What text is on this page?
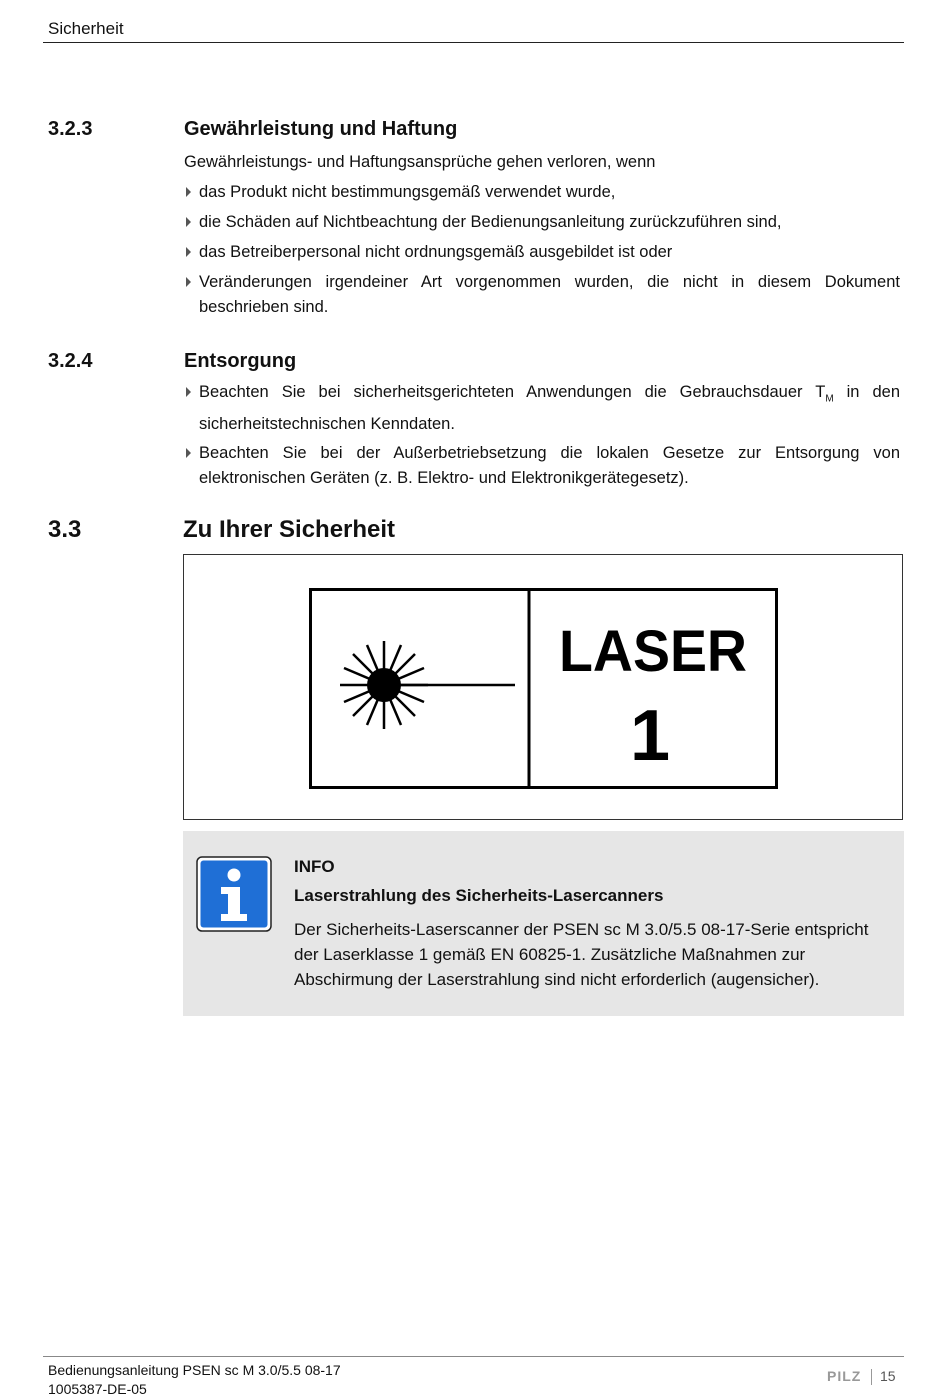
Sicherheit
3.2.3	Gewährleistung und Haftung
Gewährleistungs- und Haftungsansprüche gehen verloren, wenn
das Produkt nicht bestimmungsgemäß verwendet wurde,
die Schäden auf Nichtbeachtung der Bedienungsanleitung zurückzuführen sind,
das Betreiberpersonal nicht ordnungsgemäß ausgebildet ist oder
Veränderungen irgendeiner Art vorgenommen wurden, die nicht in diesem Dokument beschrieben sind.
3.2.4	Entsorgung
Beachten Sie bei sicherheitsgerichteten Anwendungen die Gebrauchsdauer $T_M$ in den sicherheitstechnischen Kenndaten.
Beachten Sie bei der Außerbetriebsetzung die lokalen Gesetze zur Entsorgung von elektronischen Geräten (z. B. Elektro- und Elektronikgerätegesetz).
3.3	Zu Ihrer Sicherheit
LASER
1
INFO
Laserstrahlung des Sicherheits-Lasercanners
Der Sicherheits-Laserscanner der PSEN sc M 3.0/5.5 08-17-Serie entspricht der Laserklasse 1 gemäß EN 60825-1. Zusätzliche Maßnahmen zur Abschirmung der Laserstrahlung sind nicht erforderlich (augensicher).
Bedienungsanleitung PSEN sc M 3.0/5.5 08-17
1005387-DE-05
PILZ 15
